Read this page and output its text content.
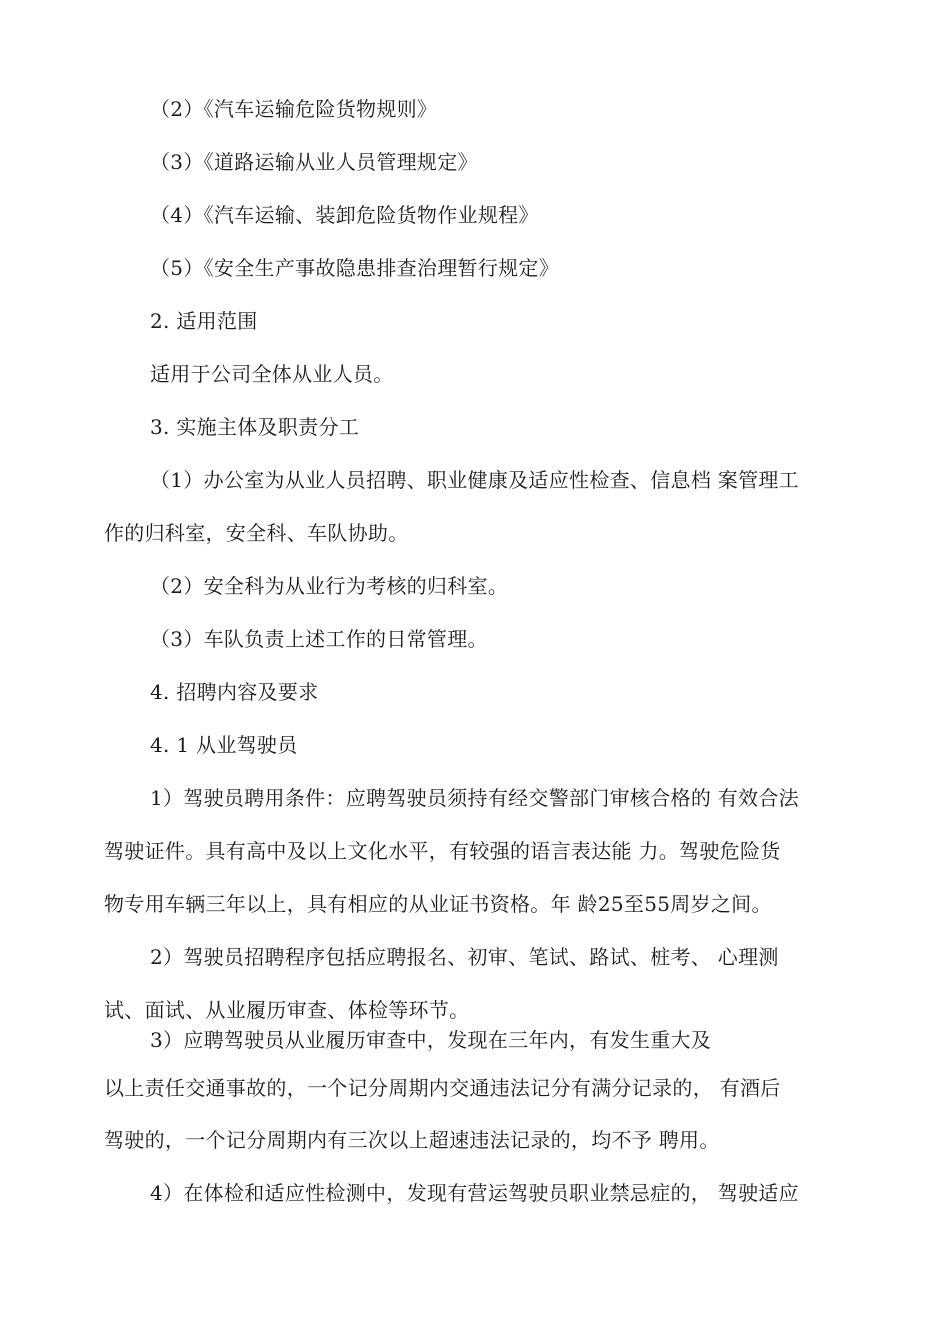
（2）《汽车运输危险货物规则》
（3）《道路运输从业人员管理规定》
（4）《汽车运输、装卸危险货物作业规程》
（5）《安全生产事故隐患排查治理暂行规定》
2. 适用范围
适用于公司全体从业人员。
3. 实施主体及职责分工
（1）办公室为从业人员招聘、职业健康及适应性检查、信息档 案管理工
作的归科室，安全科、车队协助。
（2）安全科为从业行为考核的归科室。
（3）车队负责上述工作的日常管理。
4. 招聘内容及要求
4. 1 从业驾驶员
1）驾驶员聘用条件：应聘驾驶员须持有经交警部门审核合格的 有效合法
驾驶证件。具有高中及以上文化水平，有较强的语言表达能 力。驾驶危险货
物专用车辆三年以上，具有相应的从业证书资格。年 龄25至55周岁之间。
2）驾驶员招聘程序包括应聘报名、初审、笔试、路试、桩考、 心理测
试、面试、从业履历审查、体检等环节。
3）应聘驾驶员从业履历审查中，发现在三年内，有发生重大及
以上责任交通事故的，一个记分周期内交通违法记分有满分记录的， 有酒后
驾驶的，一个记分周期内有三次以上超速违法记录的，均不予 聘用。
4）在体检和适应性检测中，发现有营运驾驶员职业禁忌症的， 驾驶适应
